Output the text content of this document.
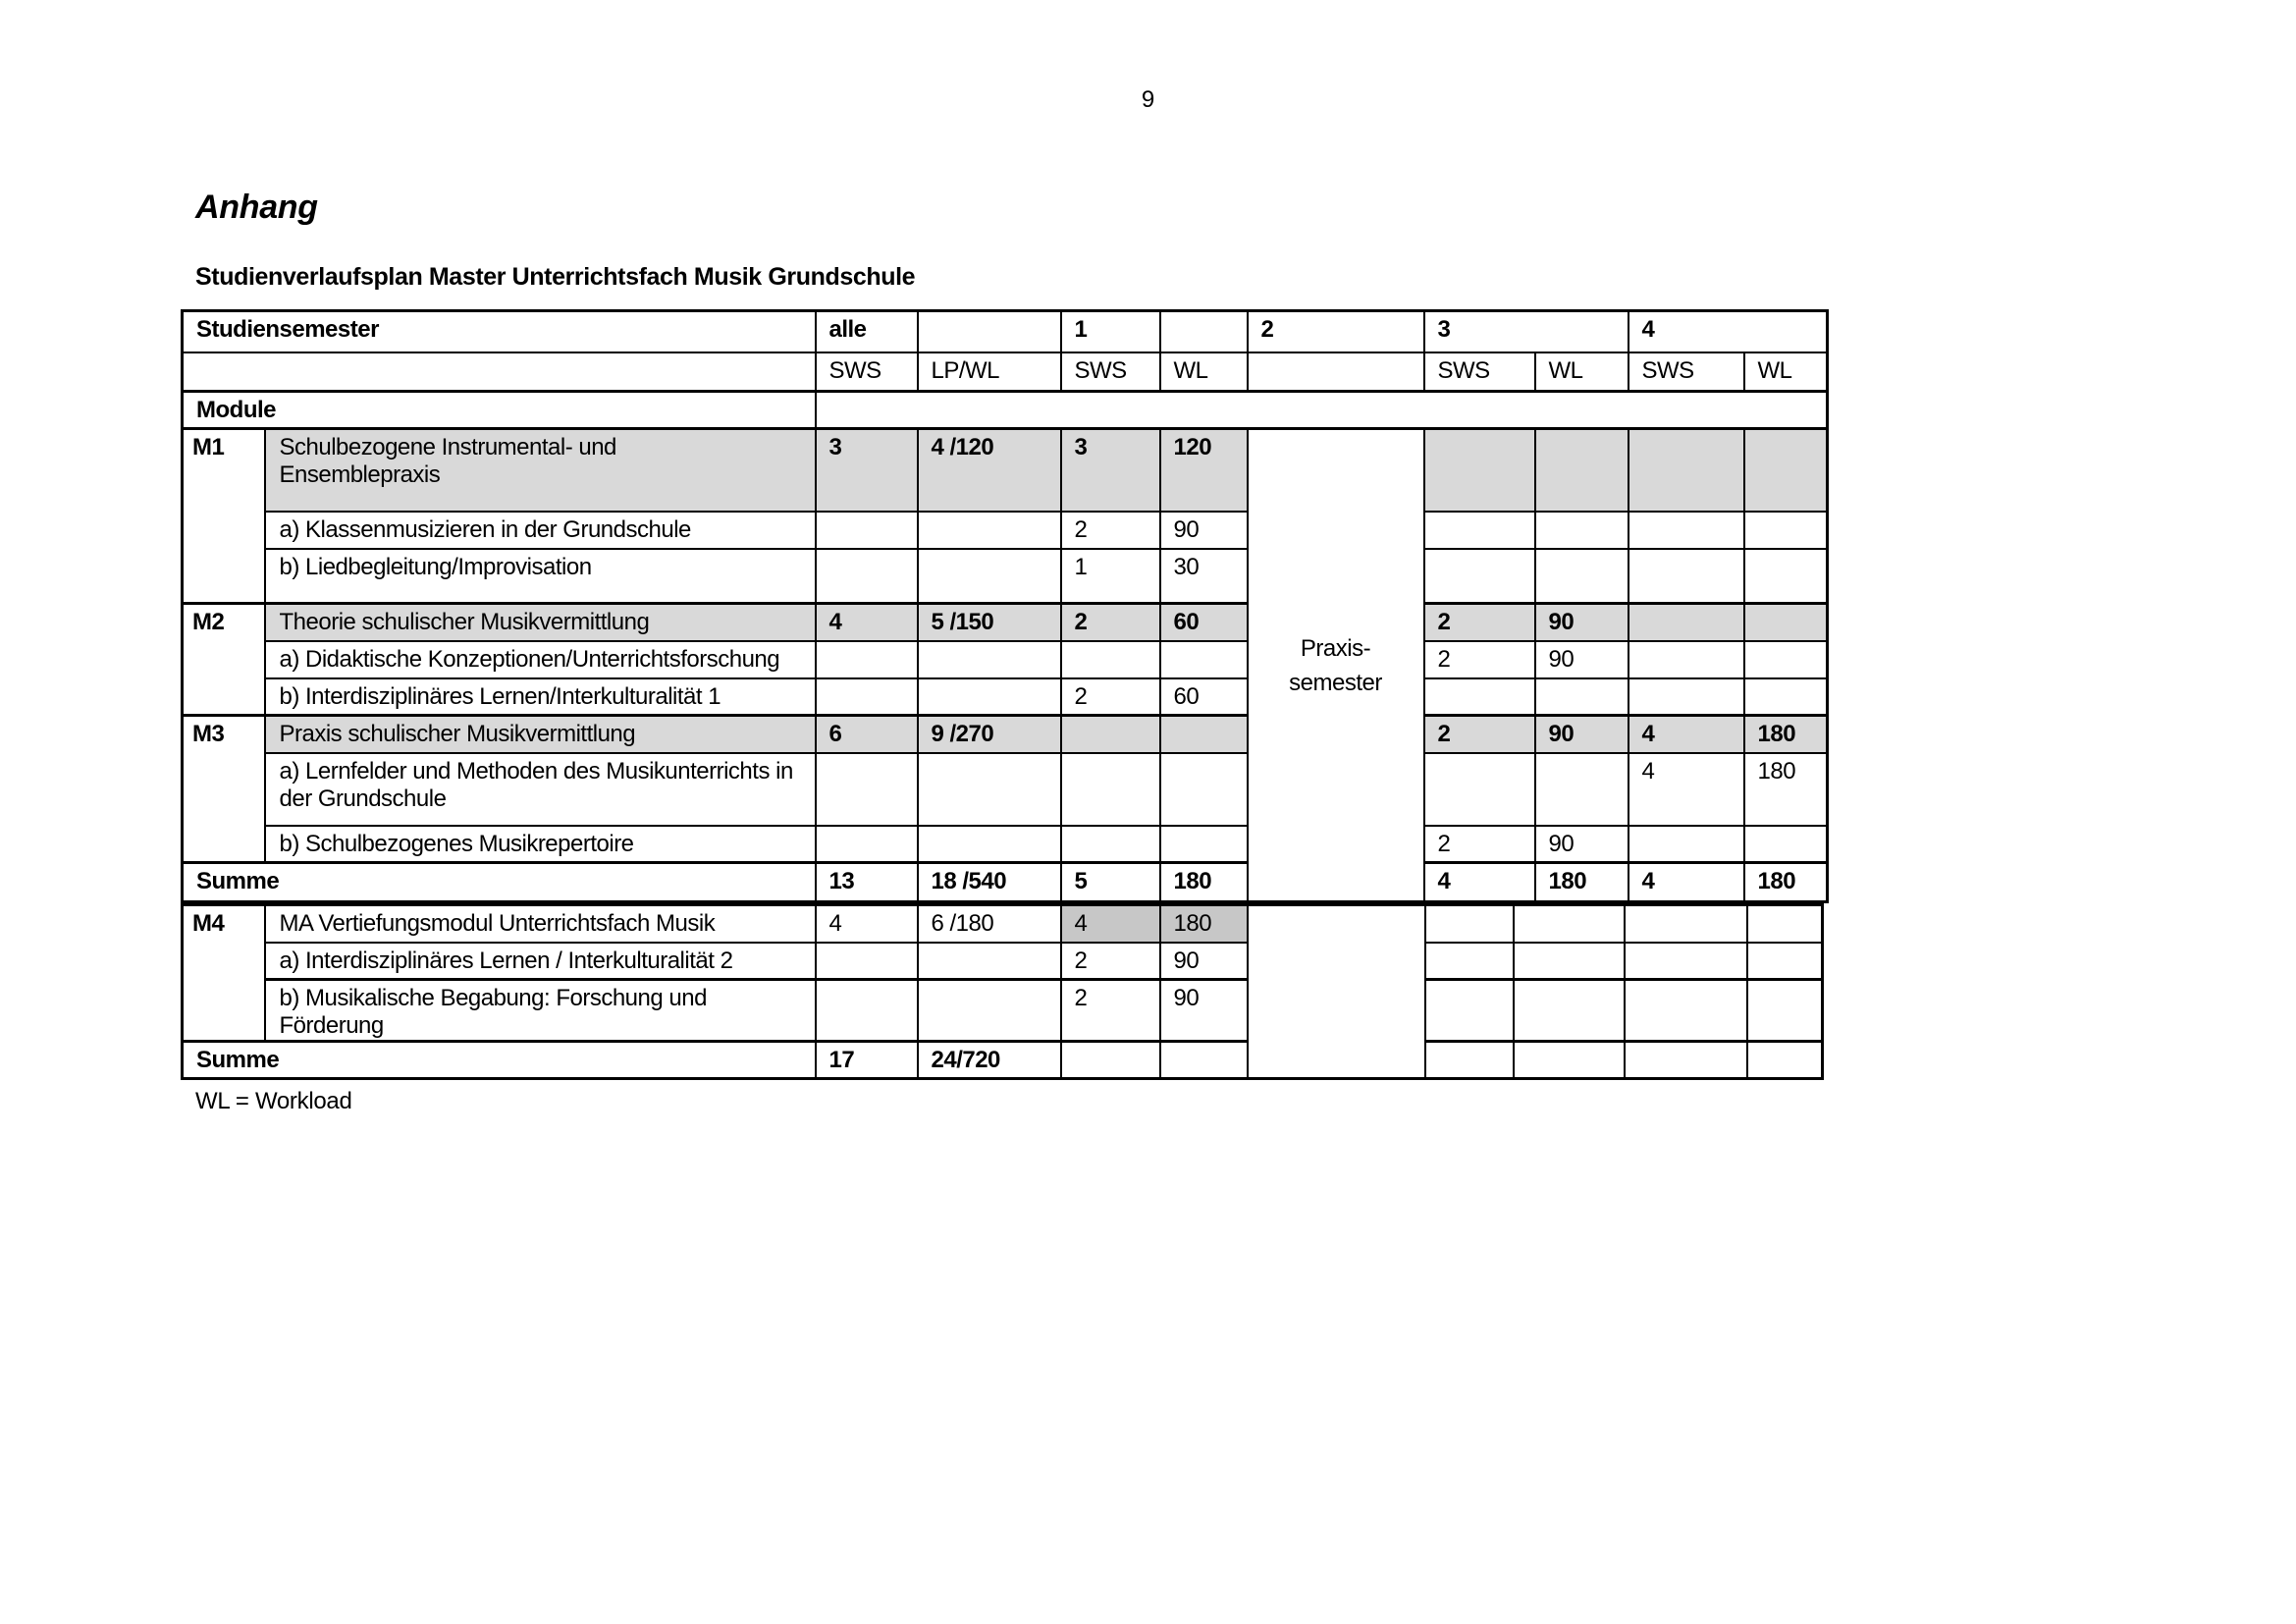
9
Anhang
Studienverlaufsplan Master Unterrichtsfach Musik Grundschule
Studiensemester		alle		1		2	3		4	

		SWS	LP/WL	SWS	WL		SWS	WL	SWS	WL

Module										

M1	Schulbezogene Instrumental- und
Ensemblepraxis	3	4 /120	3	120	Praxis-
semester				

	a) Klassenmusizieren in der Grundschule			2	90					

	b) Liedbegleitung/Improvisation			1	30					

M2	Theorie schulischer Musikvermittlung	4	5 /150	2	60		2	90		

	a) Didaktische Konzeptionen/Unterrichtsforschung						2	90		

	b) Interdisziplinäres Lernen/Interkulturalität 1			2	60					

M3	Praxis schulischer Musikvermittlung	6	9 /270				2	90	4	180

	a) Lernfelder und Methoden des Musikunterrichts in
der Grundschule								4	180

	b) Schulbezogenes Musikrepertoire						2	90		

Summe		13	18 /540	5	180		4	180	4	180
M4	MA Vertiefungsmodul Unterrichtsfach Musik	4	6 /180	4	180					

	a) Interdisziplinäres Lernen / Interkulturalität 2			2	90					

	b) Musikalische Begabung: Forschung und
Förderung			2	90					

Summe		17	24/720							

WL = Workload
